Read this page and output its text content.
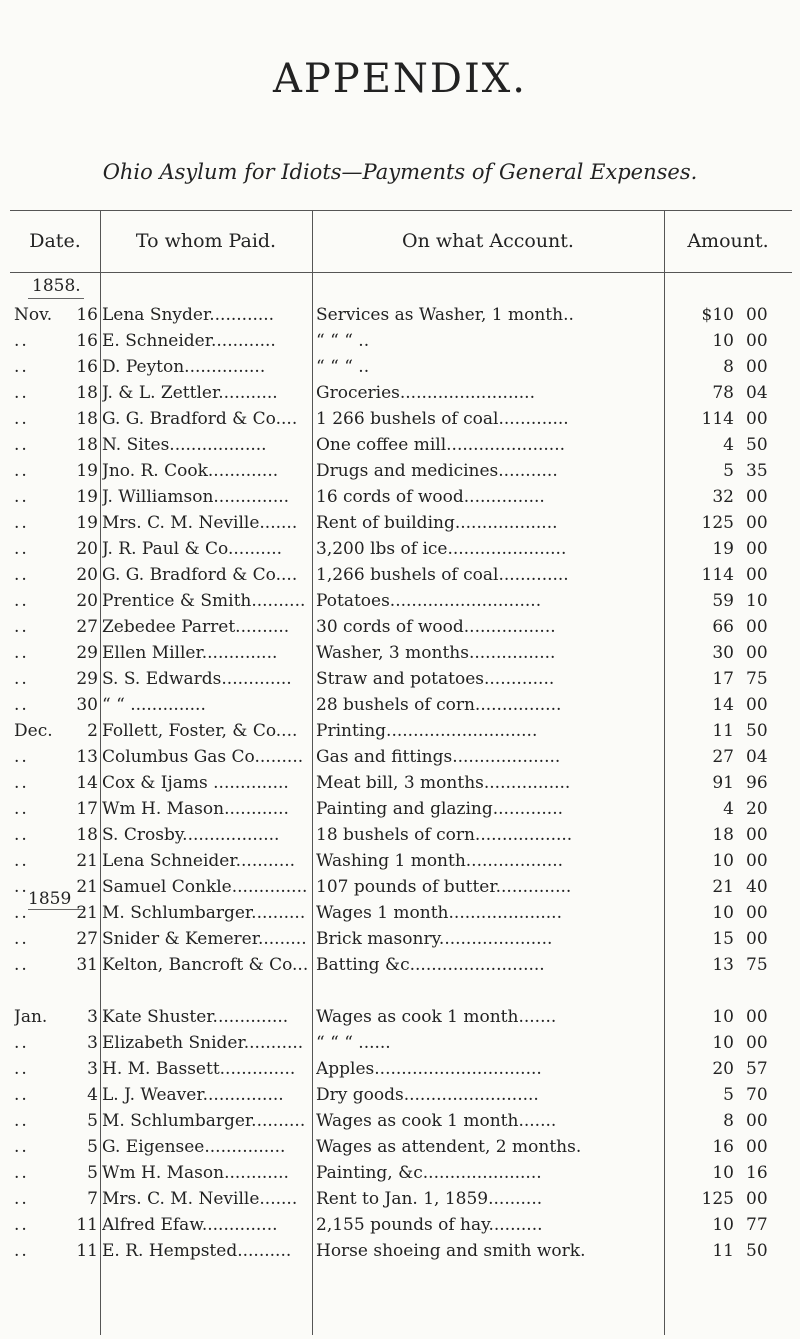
APPENDIX.
Ohio Asylum for Idiots—Payments of General Expenses.
Date.	To whom Paid.	On what Account.	Amount.
1858.
1859
Nov.	16 Lena Snyder............	Services as Washer, 1 month..	$10 00
..	16 E. Schneider............	“ “ “ ..	10 00
..	16 D. Peyton...............	“ “ “ ..	8 00
..	18 J. & L. Zettler...........	Groceries.........................	78 04
..	18 G. G. Bradford & Co....	1 266 bushels of coal.............	114 00
..	18 N. Sites..................	One coffee mill......................	4 50
..	19 Jno. R. Cook.............	Drugs and medicines...........	5 35
..	19 J. Williamson..............	16 cords of wood...............	32 00
..	19 Mrs. C. M. Neville.......	Rent of building...................	125 00
..	20 J. R. Paul & Co..........	3,200 lbs of ice......................	19 00
..	20 G. G. Bradford & Co....	1,266 bushels of coal.............	114 00
..	20 Prentice & Smith.......... Potatoes............................	59 10
..	27 Zebedee Parret..........	30 cords of wood.................	66 00
..	29 Ellen Miller..............	Washer, 3 months................	30 00
..	29 S. S. Edwards.............	Straw and potatoes.............	17 75
..	30 “ “ ..............	28 bushels of corn................	14 00
Dec.	2 Follett, Foster, & Co....	Printing............................	11 50
..	13 Columbus Gas Co......... Gas and fittings....................	27 04
..	14 Cox & Ijams ..............	Meat bill, 3 months................	91 96
..	17 Wm H. Mason............	Painting and glazing.............	4 20
..	18 S. Crosby..................	18 bushels of corn..................	18 00
..	21 Lena Schneider...........	Washing 1 month..................	10 00
..	21 Samuel Conkle.............. 107 pounds of butter..............	21 40
..	21 M. Schlumbarger.......... Wages 1 month.....................	10 00
..	27 Snider & Kemerer......... Brick masonry.....................	15 00
..	31 Kelton, Bancroft & Co... Batting &c.........................	13 75
Jan.	3 Kate Shuster..............	Wages as cook 1 month.......	10 00
..	3 Elizabeth Snider........... “ “ “ ......	10 00
..	3 H. M. Bassett..............	Apples...............................	20 57
..	4 L. J. Weaver...............	Dry goods.........................	5 70
..	5 M. Schlumbarger.......... Wages as cook 1 month.......	8 00
..	5 G. Eigensee...............	Wages as attendent, 2 months.	16 00
..	5 Wm H. Mason............	Painting, &c......................	10 16
..	7 Mrs. C. M. Neville.......	Rent to Jan. 1, 1859..........	125 00
..	11 Alfred Efaw..............	2,155 pounds of hay..........	10 77
..	11 E. R. Hempsted..........	Horse shoeing and smith work.	11 50
